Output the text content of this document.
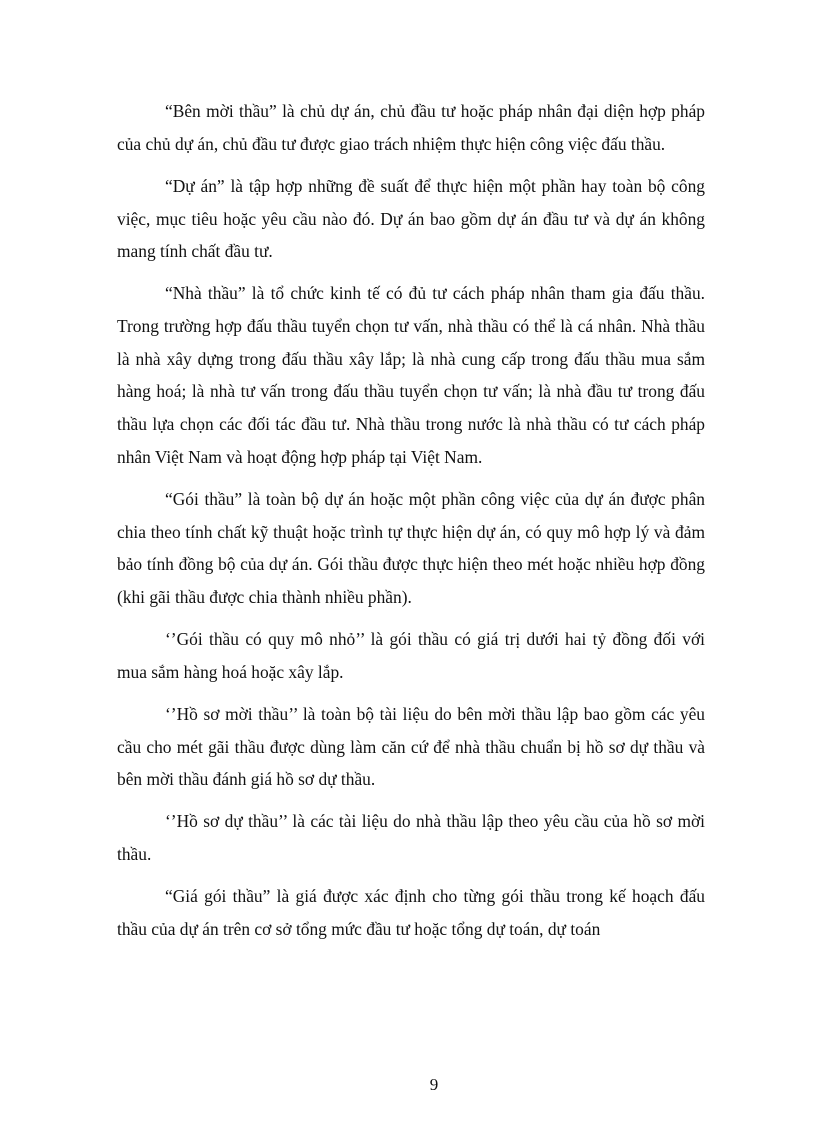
“Bên mời thầu” là chủ dự án, chủ đầu tư hoặc pháp nhân đại diện hợp pháp của chủ dự án, chủ đầu tư được giao trách nhiệm thực hiện công việc đấu thầu.

“Dự án” là tập hợp những đề suất để thực hiện một phần hay toàn bộ công việc, mục tiêu hoặc yêu cầu nào đó. Dự án bao gồm dự án đầu tư và dự án không mang tính chất đầu tư.

“Nhà thầu” là tổ chức kinh tế có đủ tư cách pháp nhân tham gia đấu thầu. Trong trường hợp đấu thầu tuyển chọn tư vấn, nhà thầu có thể là cá nhân. Nhà thầu là nhà xây dựng trong đấu thầu xây lắp; là nhà cung cấp trong đấu thầu mua sắm hàng hoá; là nhà tư vấn trong đấu thầu tuyển chọn tư vấn; là nhà đầu tư trong đấu thầu lựa chọn các đối tác đầu tư. Nhà thầu trong nước là nhà thầu có tư cách pháp nhân Việt Nam và hoạt động hợp pháp tại Việt Nam.

“Gói thầu” là toàn bộ dự án hoặc một phần công việc của dự án được phân chia theo tính chất kỹ thuật hoặc trình tự thực hiện dự án, có quy mô hợp lý và đảm bảo tính đồng bộ của dự án. Gói thầu được thực hiện theo mét hoặc nhiều hợp đồng (khi gãi thầu được chia thành nhiều phần).

‘’Gói thầu có quy mô nhỏ’’ là gói thầu có giá trị dưới hai tỷ đồng đối với mua sắm hàng hoá hoặc xây lắp.

‘’Hồ sơ mời thầu’’ là toàn bộ tài liệu do bên mời thầu lập bao gồm các yêu cầu cho mét gãi thầu được dùng làm căn cứ để nhà thầu chuẩn bị hồ sơ dự thầu và bên mời thầu đánh giá hồ sơ dự thầu.

‘’Hồ sơ dự thầu’’ là các tài liệu do nhà thầu lập theo yêu cầu của hồ sơ mời thầu.

“Giá gói thầu” là giá được xác định cho từng gói thầu trong kế hoạch đấu thầu của dự án trên cơ sở tổng mức đầu tư hoặc tổng dự toán, dự toán

9
